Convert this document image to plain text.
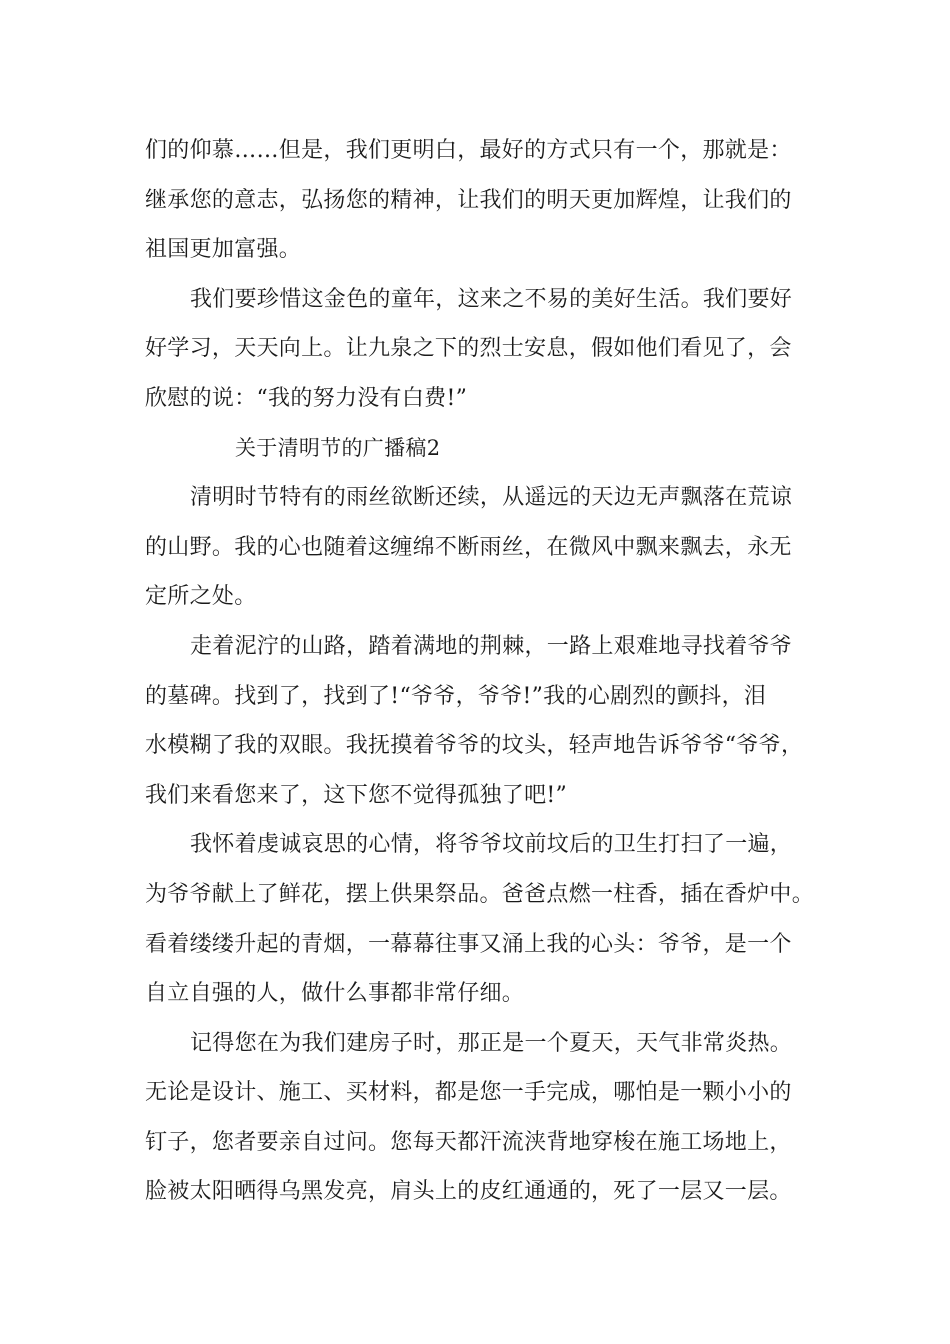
们的仰慕……但是，我们更明白，最好的方式只有一个，那就是：
继承您的意志，弘扬您的精神，让我们的明天更加辉煌，让我们的
祖国更加富强。
我们要珍惜这金色的童年，这来之不易的美好生活。我们要好
好学习，天天向上。让九泉之下的烈士安息，假如他们看见了，会
欣慰的说：“我的努力没有白费!”
关于清明节的广播稿2
清明时节特有的雨丝欲断还续，从遥远的天边无声飘落在荒谅
的山野。我的心也随着这缠绵不断雨丝，在微风中飘来飘去，永无
定所之处。
走着泥泞的山路，踏着满地的荆棘，一路上艰难地寻找着爷爷
的墓碑。找到了，找到了!“爷爷，爷爷!”我的心剧烈的颤抖，泪
水模糊了我的双眼。我抚摸着爷爷的坟头，轻声地告诉爷爷“爷爷，
我们来看您来了，这下您不觉得孤独了吧!”
我怀着虔诚哀思的心情，将爷爷坟前坟后的卫生打扫了一遍，
为爷爷献上了鲜花，摆上供果祭品。爸爸点燃一柱香，插在香炉中。
看着缕缕升起的青烟，一幕幕往事又涌上我的心头：爷爷，是一个
自立自强的人，做什么事都非常仔细。
记得您在为我们建房子时，那正是一个夏天，天气非常炎热。
无论是设计、施工、买材料，都是您一手完成，哪怕是一颗小小的
钉子，您者要亲自过问。您每天都汗流浃背地穿梭在施工场地上，
脸被太阳晒得乌黑发亮，肩头上的皮红通通的，死了一层又一层。
